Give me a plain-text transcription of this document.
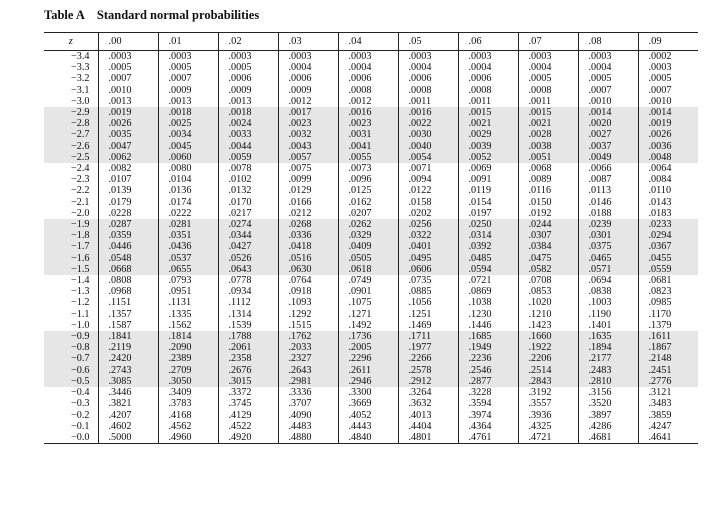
Table A Standard normal probabilities
z	.00	.01	.02	.03	.04	.05	.06	.07	.08	.09
−3.4	.0003	.0003	.0003	.0003	.0003	.0003	.0003	.0003	.0003	.0002
−3.3	.0005	.0005	.0005	.0004	.0004	.0004	.0004	.0004	.0004	.0003
−3.2	.0007	.0007	.0006	.0006	.0006	.0006	.0006	.0005	.0005	.0005
−3.1	.0010	.0009	.0009	.0009	.0008	.0008	.0008	.0008	.0007	.0007
−3.0	.0013	.0013	.0013	.0012	.0012	.0011	.0011	.0011	.0010	.0010
−2.9	.0019	.0018	.0018	.0017	.0016	.0016	.0015	.0015	.0014	.0014
−2.8	.0026	.0025	.0024	.0023	.0023	.0022	.0021	.0021	.0020	.0019
−2.7	.0035	.0034	.0033	.0032	.0031	.0030	.0029	.0028	.0027	.0026
−2.6	.0047	.0045	.0044	.0043	.0041	.0040	.0039	.0038	.0037	.0036
−2.5	.0062	.0060	.0059	.0057	.0055	.0054	.0052	.0051	.0049	.0048
−2.4	.0082	.0080	.0078	.0075	.0073	.0071	.0069	.0068	.0066	.0064
−2.3	.0107	.0104	.0102	.0099	.0096	.0094	.0091	.0089	.0087	.0084
−2.2	.0139	.0136	.0132	.0129	.0125	.0122	.0119	.0116	.0113	.0110
−2.1	.0179	.0174	.0170	.0166	.0162	.0158	.0154	.0150	.0146	.0143
−2.0	.0228	.0222	.0217	.0212	.0207	.0202	.0197	.0192	.0188	.0183
−1.9	.0287	.0281	.0274	.0268	.0262	.0256	.0250	.0244	.0239	.0233
−1.8	.0359	.0351	.0344	.0336	.0329	.0322	.0314	.0307	.0301	.0294
−1.7	.0446	.0436	.0427	.0418	.0409	.0401	.0392	.0384	.0375	.0367
−1.6	.0548	.0537	.0526	.0516	.0505	.0495	.0485	.0475	.0465	.0455
−1.5	.0668	.0655	.0643	.0630	.0618	.0606	.0594	.0582	.0571	.0559
−1.4	.0808	.0793	.0778	.0764	.0749	.0735	.0721	.0708	.0694	.0681
−1.3	.0968	.0951	.0934	.0918	.0901	.0885	.0869	.0853	.0838	.0823
−1.2	.1151	.1131	.1112	.1093	.1075	.1056	.1038	.1020	.1003	.0985
−1.1	.1357	.1335	.1314	.1292	.1271	.1251	.1230	.1210	.1190	.1170
−1.0	.1587	.1562	.1539	.1515	.1492	.1469	.1446	.1423	.1401	.1379
−0.9	.1841	.1814	.1788	.1762	.1736	.1711	.1685	.1660	.1635	.1611
−0.8	.2119	.2090	.2061	.2033	.2005	.1977	.1949	.1922	.1894	.1867
−0.7	.2420	.2389	.2358	.2327	.2296	.2266	.2236	.2206	.2177	.2148
−0.6	.2743	.2709	.2676	.2643	.2611	.2578	.2546	.2514	.2483	.2451
−0.5	.3085	.3050	.3015	.2981	.2946	.2912	.2877	.2843	.2810	.2776
−0.4	.3446	.3409	.3372	.3336	.3300	.3264	.3228	.3192	.3156	.3121
−0.3	.3821	.3783	.3745	.3707	.3669	.3632	.3594	.3557	.3520	.3483
−0.2	.4207	.4168	.4129	.4090	.4052	.4013	.3974	.3936	.3897	.3859
−0.1	.4602	.4562	.4522	.4483	.4443	.4404	.4364	.4325	.4286	.4247
−0.0	.5000	.4960	.4920	.4880	.4840	.4801	.4761	.4721	.4681	.4641
